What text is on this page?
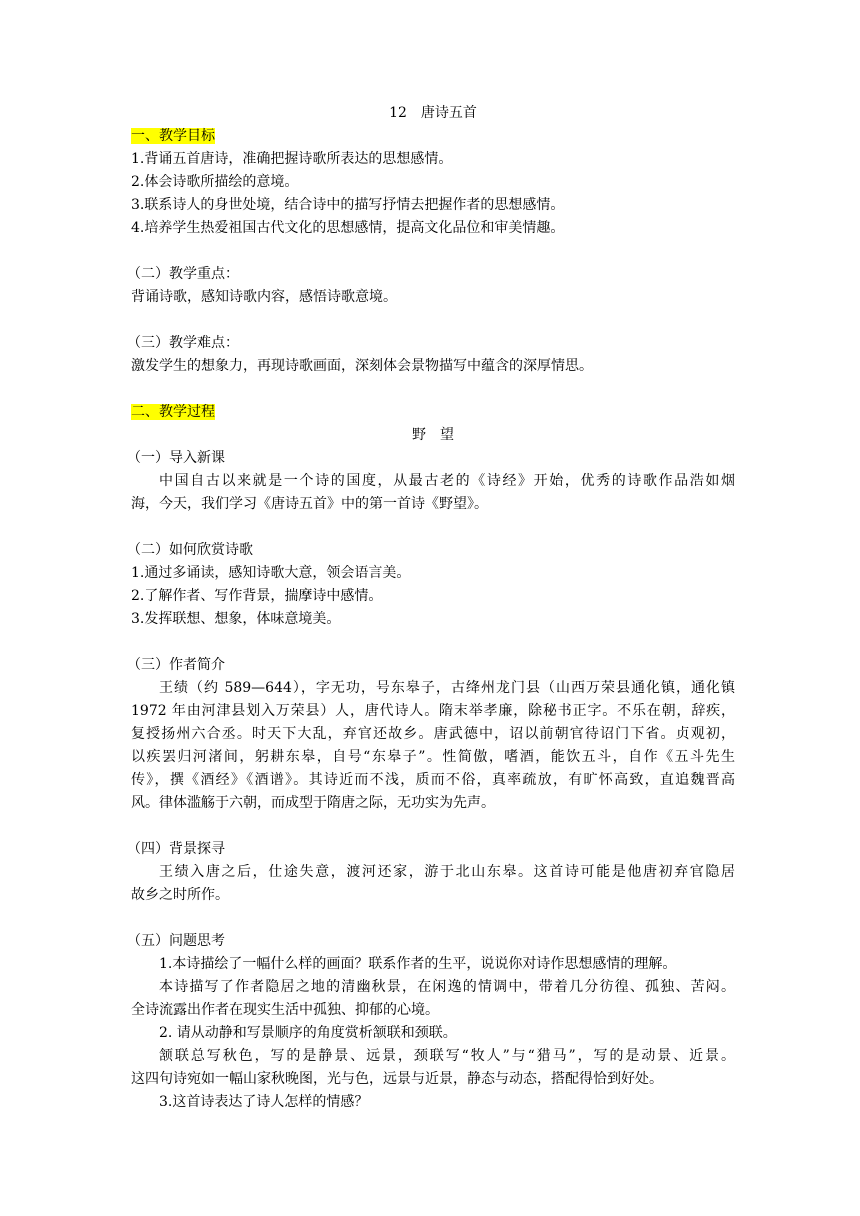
12　唐诗五首
一、教学目标
1.背诵五首唐诗，准确把握诗歌所表达的思想感情。
2.体会诗歌所描绘的意境。
3.联系诗人的身世处境，结合诗中的描写抒情去把握作者的思想感情。
4.培养学生热爱祖国古代文化的思想感情，提高文化品位和审美情趣。
（二）教学重点：
背诵诗歌，感知诗歌内容，感悟诗歌意境。
（三）教学难点：
激发学生的想象力，再现诗歌画面，深刻体会景物描写中蕴含的深厚情思。
二、教学过程
野　望
（一）导入新课
中国自古以来就是一个诗的国度，从最古老的《诗经》开始，优秀的诗歌作品浩如烟
海，今天，我们学习《唐诗五首》中的第一首诗《野望》。
（二）如何欣赏诗歌
1.通过多诵读，感知诗歌大意，领会语言美。
2.了解作者、写作背景，揣摩诗中感情。
3.发挥联想、想象，体味意境美。
（三）作者简介
王绩（约 589—644），字无功，号东皋子，古绛州龙门县（山西万荣县通化镇，通化镇
1972 年由河津县划入万荣县）人，唐代诗人。隋末举孝廉，除秘书正字。不乐在朝，辞疾，
复授扬州六合丞。时天下大乱，弃官还故乡。唐武德中，诏以前朝官待诏门下省。贞观初，
以疾罢归河渚间，躬耕东皋，自号“东皋子”。性简傲，嗜酒，能饮五斗，自作《五斗先生
传》，撰《酒经》《酒谱》。其诗近而不浅，质而不俗，真率疏放，有旷怀高致，直追魏晋高
风。律体滥觞于六朝，而成型于隋唐之际，无功实为先声。
（四）背景探寻
王绩入唐之后，仕途失意，渡河还家，游于北山东皋。这首诗可能是他唐初弃官隐居
故乡之时所作。
（五）问题思考
1.本诗描绘了一幅什么样的画面？联系作者的生平，说说你对诗作思想感情的理解。
本诗描写了作者隐居之地的清幽秋景，在闲逸的情调中，带着几分彷徨、孤独、苦闷。
全诗流露出作者在现实生活中孤独、抑郁的心境。
2. 请从动静和写景顺序的角度赏析颔联和颈联。
颔联总写秋色，写的是静景、远景，颈联写“牧人”与“猎马”，写的是动景、近景。
这四句诗宛如一幅山家秋晚图，光与色，远景与近景，静态与动态，搭配得恰到好处。
3.这首诗表达了诗人怎样的情感？
